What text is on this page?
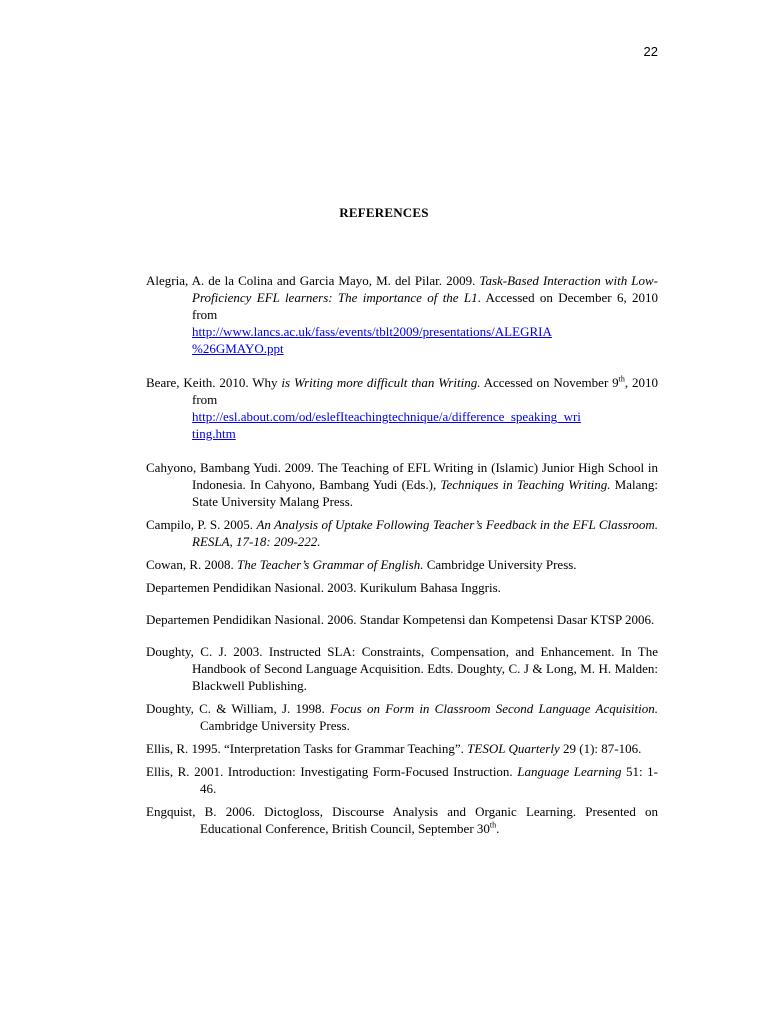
22
REFERENCES
Alegria, A. de la Colina and Garcia Mayo, M. del Pilar. 2009. Task-Based Interaction with Low-Proficiency EFL learners: The importance of the L1. Accessed on December 6, 2010 from
http://www.lancs.ac.uk/fass/events/tblt2009/presentations/ALEGRIA
%26GMAYO.ppt
Beare, Keith. 2010. Why is Writing more difficult than Writing. Accessed on November 9th, 2010 from
http://esl.about.com/od/eslefIteachingtechnique/a/difference_speaking_wri
ting.htm
Cahyono, Bambang Yudi. 2009. The Teaching of EFL Writing in (Islamic) Junior High School in Indonesia. In Cahyono, Bambang Yudi (Eds.), Techniques in Teaching Writing. Malang: State University Malang Press.
Campilo, P. S. 2005. An Analysis of Uptake Following Teacher’s Feedback in the EFL Classroom. RESLA, 17-18: 209-222.
Cowan, R. 2008. The Teacher’s Grammar of English. Cambridge University Press.
Departemen Pendidikan Nasional. 2003. Kurikulum Bahasa Inggris.
Departemen Pendidikan Nasional. 2006. Standar Kompetensi dan Kompetensi Dasar KTSP 2006.
Doughty, C. J. 2003. Instructed SLA: Constraints, Compensation, and Enhancement. In The Handbook of Second Language Acquisition. Edts. Doughty, C. J & Long, M. H. Malden: Blackwell Publishing.
Doughty, C. & William, J. 1998. Focus on Form in Classroom Second Language Acquisition. Cambridge University Press.
Ellis, R. 1995. “Interpretation Tasks for Grammar Teaching”. TESOL Quarterly 29 (1): 87-106.
Ellis, R. 2001. Introduction: Investigating Form-Focused Instruction. Language Learning 51: 1-46.
Engquist, B. 2006. Dictogloss, Discourse Analysis and Organic Learning. Presented on Educational Conference, British Council, September 30th.
